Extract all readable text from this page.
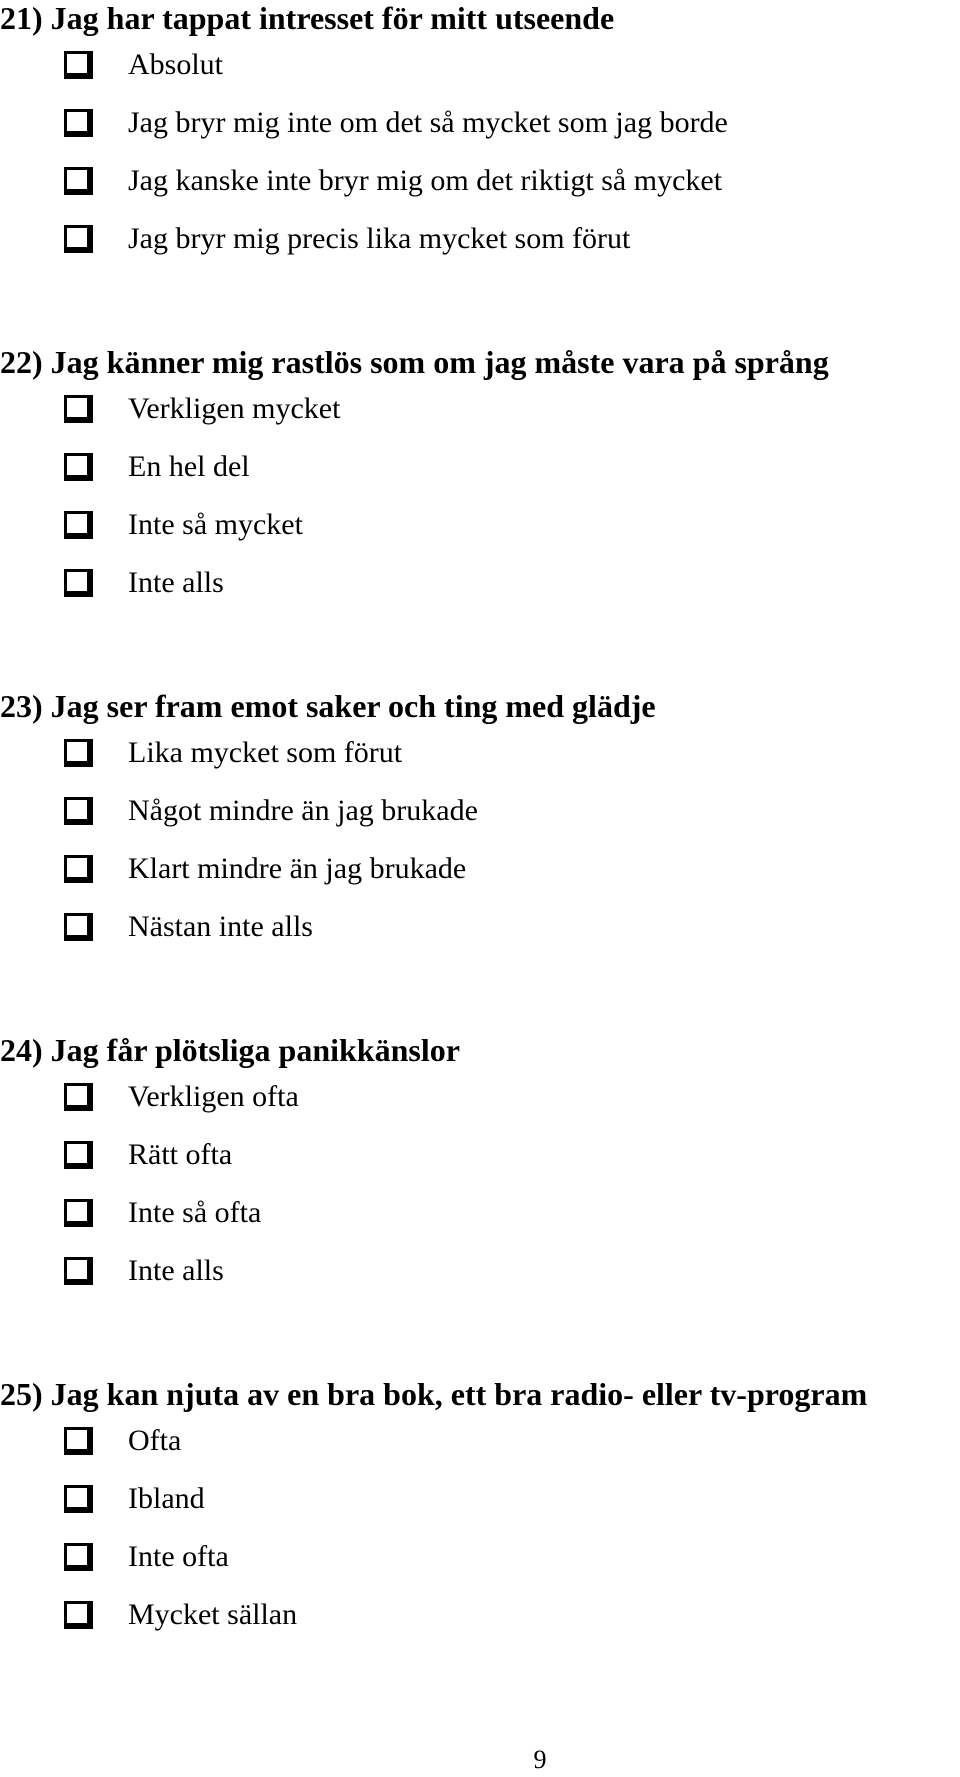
21) Jag har tappat intresset för mitt utseende
Absolut
Jag bryr mig inte om det så mycket som jag borde
Jag kanske inte bryr mig om det riktigt så mycket
Jag bryr mig precis lika mycket som förut
22) Jag känner mig rastlös som om jag måste vara på språng
Verkligen mycket
En hel del
Inte så mycket
Inte alls
23) Jag ser fram emot saker och ting med glädje
Lika mycket som förut
Något mindre än jag brukade
Klart mindre än jag brukade
Nästan inte alls
24) Jag får plötsliga panikkänslor
Verkligen ofta
Rätt ofta
Inte så ofta
Inte alls
25) Jag kan njuta av en bra bok, ett bra radio- eller tv-program
Ofta
Ibland
Inte ofta
Mycket sällan
9
